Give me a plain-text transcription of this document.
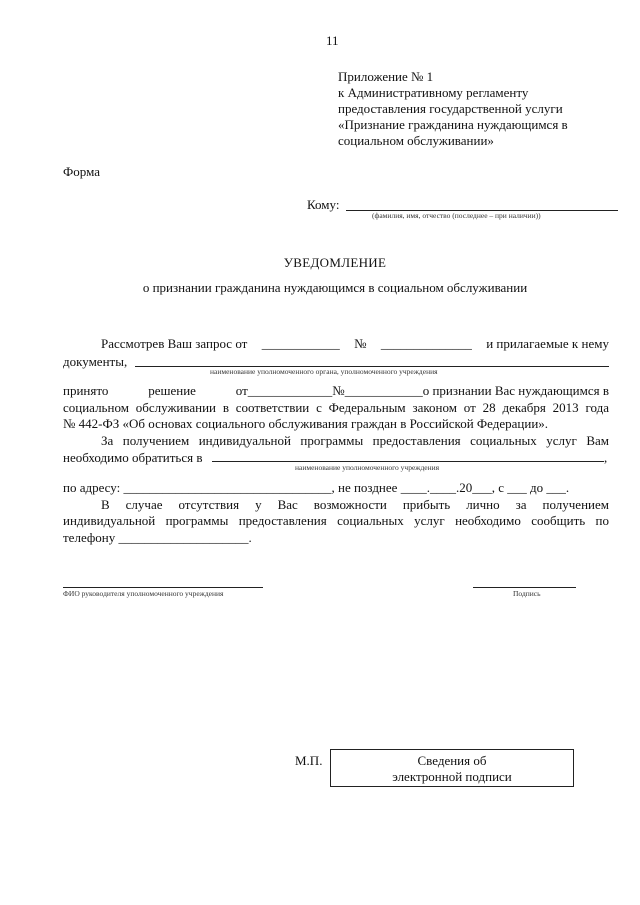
11
Приложение № 1
к Административному регламенту
предоставления государственной услуги
«Признание гражданина нуждающимся в
социальном обслуживании»
Форма
Кому:
(фамилия, имя, отчество (последнее – при наличии))
УВЕДОМЛЕНИЕ
о признании гражданина нуждающимся в социальном обслуживании
Рассмотрев Ваш запрос от ____________ № ______________ и прилагаемые к нему
документы,
наименование уполномоченного органа, уполномоченного учреждения
принято	решение	от_____________№____________о признании Вас нуждающимся в
социальном обслуживании в соответствии с Федеральным законом от 28 декабря 2013 года
№ 442-ФЗ «Об основах социального обслуживания граждан в Российской Федерации».
За получением индивидуальной программы предоставления социальных услуг Вам
необходимо обратиться в	,
наименование уполномоченного учреждения
по адресу: ________________________________, не позднее ____.____.20___, с ___ до ___.
В случае отсутствия у Вас возможности прибыть лично за получением
индивидуальной программы предоставления социальных услуг необходимо сообщить по
телефону ____________________.
ФИО руководителя уполномоченного учреждения	Подпись
М.П.	Сведения об
электронной подписи
